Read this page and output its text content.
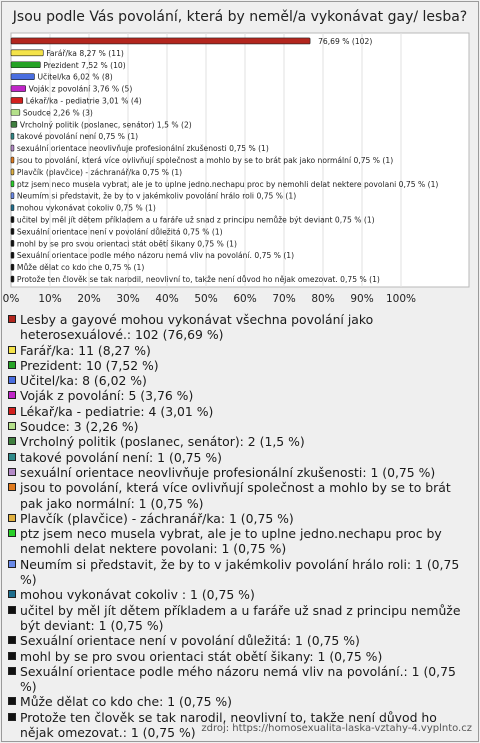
Jsou podle Vás povolání, která by neměl/a vykonávat gay/ lesba?
76,69 % (102)
Farář/ka 8,27 % (11)
Prezident 7,52 % (10)
Učitel/ka 6,02 % (8)
Voják z povolání 3,76 % (5)
Lékař/ka - pediatrie 3,01 % (4)
Soudce 2,26 % (3)
Vrcholný politik (poslanec, senátor) 1,5 % (2)
takové povolání není 0,75 % (1)
sexuální orientace neovlivňuje profesionální zkušenosti 0,75 % (1)
jsou to povolání, která více ovlivňují společnost a mohlo by se to brát pak jako normální 0,75 % (1)
Plavčík (plavčice) - záchranář/ka 0,75 % (1)
ptz jsem neco musela vybrat, ale je to uplne jedno.nechapu proc by nemohli delat nektere povolani 0,75 % (1)
Neumím si představit, že by to v jakémkoliv povolání hrálo roli 0,75 % (1)
mohou vykonávat cokoliv 0,75 % (1)
učitel by měl jít dětem příkladem a u faráře už snad z principu nemůže být deviant 0,75 % (1)
Sexuální orientace není v povolání důležitá 0,75 % (1)
mohl by se pro svou orientaci stát obětí šikany 0,75 % (1)
Sexuální orientace podle mého názoru nemá vliv na povolání. 0,75 % (1)
Může dělat co kdo che 0,75 % (1)
Protože ten člověk se tak narodil, neovlivní to, takže není důvod ho nějak omezovat. 0,75 % (1)
0% 10% 20% 30% 40% 50% 60% 70% 80% 90% 100%
Lesby a gayové mohou vykonávat všechna povolání jako heterosexuálové.: 102 (76,69 %)
Farář/ka: 11 (8,27 %)
Prezident: 10 (7,52 %)
Učitel/ka: 8 (6,02 %)
Voják z povolání: 5 (3,76 %)
Lékař/ka - pediatrie: 4 (3,01 %)
Soudce: 3 (2,26 %)
Vrcholný politik (poslanec, senátor): 2 (1,5 %)
takové povolání není: 1 (0,75 %)
sexuální orientace neovlivňuje profesionální zkušenosti: 1 (0,75 %)
jsou to povolání, která více ovlivňují společnost a mohlo by se to brát pak jako normální: 1 (0,75 %)
Plavčík (plavčice) - záchranář/ka: 1 (0,75 %)
ptz jsem neco musela vybrat, ale je to uplne jedno.nechapu proc by nemohli delat nektere povolani: 1 (0,75 %)
Neumím si představit, že by to v jakémkoliv povolání hrálo roli: 1 (0,75 %)
mohou vykonávat cokoliv : 1 (0,75 %)
učitel by měl jít dětem příkladem a u faráře už snad z principu nemůže být deviant: 1 (0,75 %)
Sexuální orientace není v povolání důležitá: 1 (0,75 %)
mohl by se pro svou orientaci stát obětí šikany: 1 (0,75 %)
Sexuální orientace podle mého názoru nemá vliv na povolání.: 1 (0,75 %)
Může dělat co kdo che: 1 (0,75 %)
Protože ten člověk se tak narodil, neovlivní to, takže není důvod ho nějak omezovat.: 1 (0,75 %) zdroj: https://homosexualita-laska-vztahy-4.vyplnto.cz
